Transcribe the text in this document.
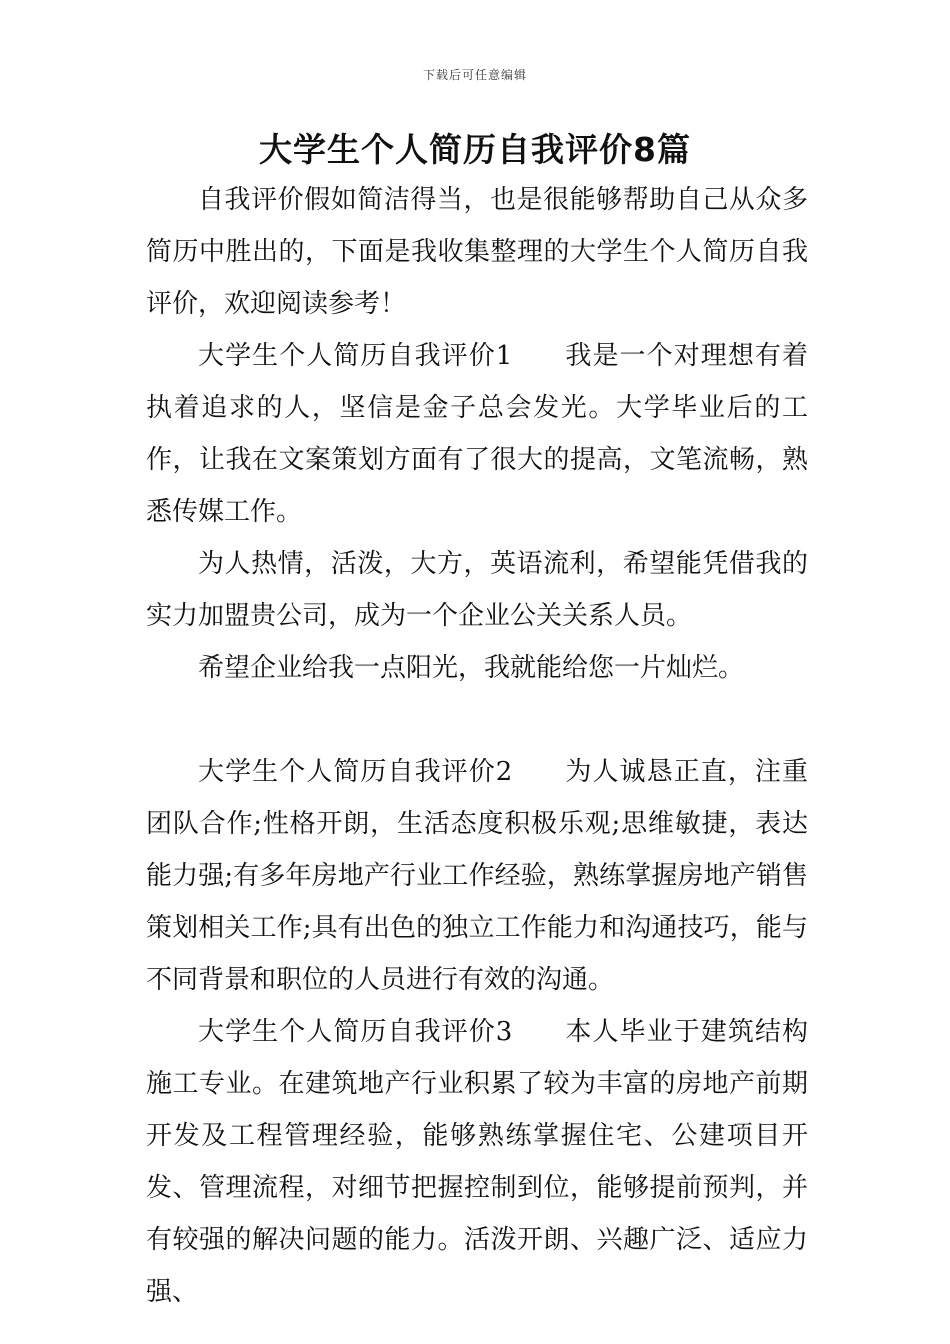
下载后可任意编辑
大学生个人简历自我评价8篇

自我评价假如简洁得当，也是很能够帮助自己从众多简历中胜出的，下面是我收集整理的大学生个人简历自我评价，欢迎阅读参考！

大学生个人简历自我评价1 我是一个对理想有着执着追求的人，坚信是金子总会发光。大学毕业后的工作，让我在文案策划方面有了很大的提高，文笔流畅，熟悉传媒工作。

为人热情，活泼，大方，英语流利，希望能凭借我的实力加盟贵公司，成为一个企业公关关系人员。

希望企业给我一点阳光，我就能给您一片灿烂。

大学生个人简历自我评价2 为人诚恳正直，注重团队合作;性格开朗，生活态度积极乐观;思维敏捷，表达能力强;有多年房地产行业工作经验，熟练掌握房地产销售策划相关工作;具有出色的独立工作能力和沟通技巧，能与不同背景和职位的人员进行有效的沟通。

大学生个人简历自我评价3 本人毕业于建筑结构施工专业。在建筑地产行业积累了较为丰富的房地产前期开发及工程管理经验，能够熟练掌握住宅、公建项目开发、管理流程，对细节把握控制到位，能够提前预判，并有较强的解决问题的能力。活泼开朗、兴趣广泛、适应力强、
